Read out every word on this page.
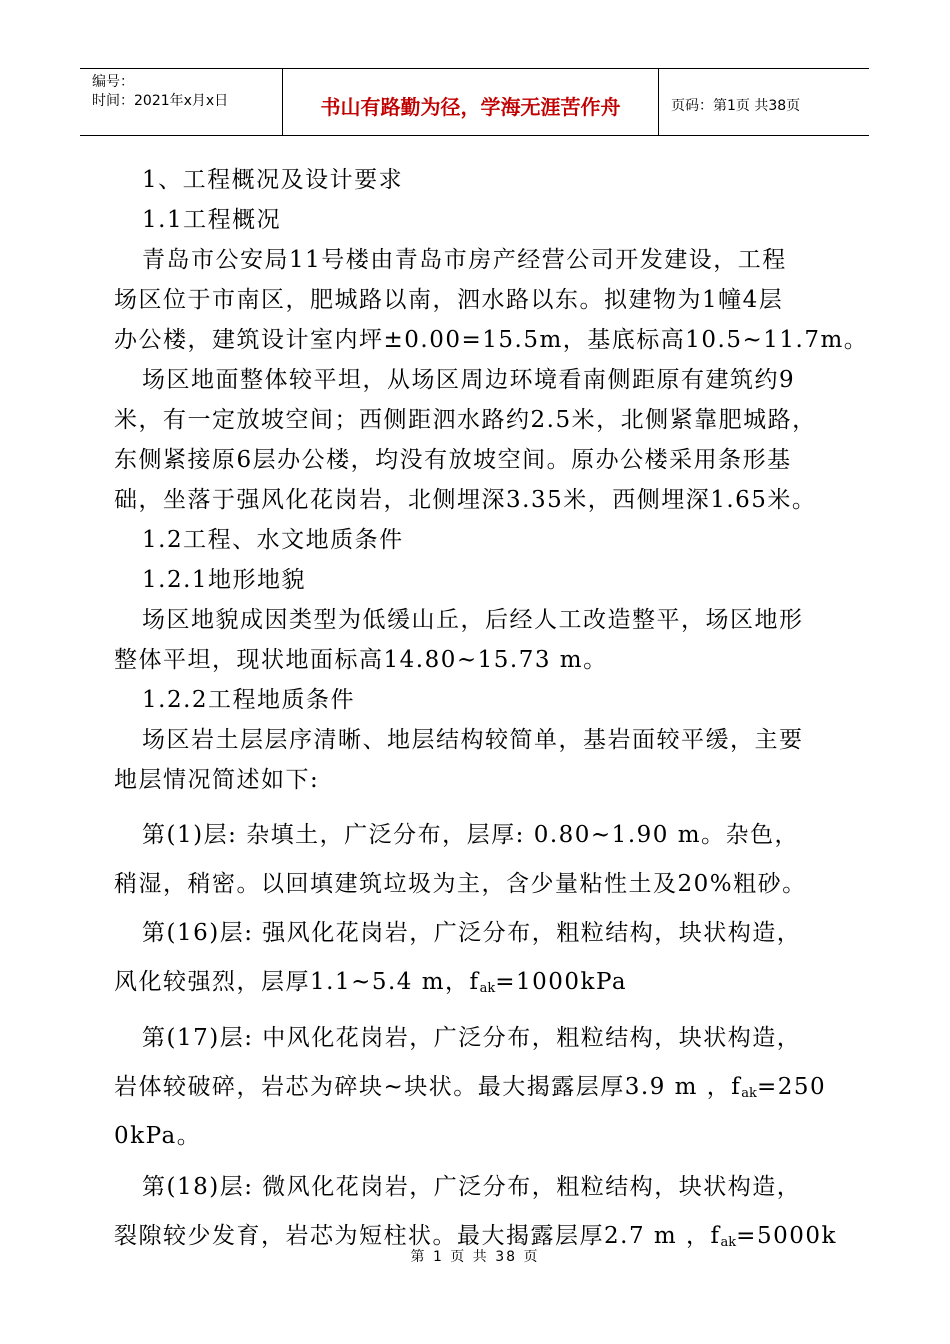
编号：
时间：2021年x月x日	书山有路勤为径，学海无涯苦作舟	页码：第1页 共38页

1、工程概况及设计要求

1.1工程概况

青岛市公安局11号楼由青岛市房产经营公司开发建设，工程

场区位于市南区，肥城路以南，泗水路以东。拟建物为1幢4层

办公楼，建筑设计室内坪±0.00=15.5m，基底标高10.5~11.7m。

场区地面整体较平坦，从场区周边环境看南侧距原有建筑约9

米，有一定放坡空间；西侧距泗水路约2.5米，北侧紧靠肥城路，

东侧紧接原6层办公楼，均没有放坡空间。原办公楼采用条形基

础，坐落于强风化花岗岩，北侧埋深3.35米，西侧埋深1.65米。

1.2工程、水文地质条件

1.2.1地形地貌

场区地貌成因类型为低缓山丘，后经人工改造整平，场区地形

整体平坦，现状地面标高14.80~15.73 m。

1.2.2工程地质条件

场区岩土层层序清晰、地层结构较简单，基岩面较平缓，主要

地层情况简述如下:

第(1)层: 杂填土，广泛分布，层厚: 0.80~1.90 m。杂色，

稍湿，稍密。以回填建筑垃圾为主，含少量粘性土及20%粗砂。

第(16)层: 强风化花岗岩，广泛分布，粗粒结构，块状构造，

风化较强烈，层厚1.1~5.4 m，$f_{ak}=1000kPa$

第(17)层: 中风化花岗岩，广泛分布，粗粒结构，块状构造，

岩体较破碎，岩芯为碎块~块状。最大揭露层厚3.9 m ，$f_{ak}=250$

0kPa。

第(18)层: 微风化花岗岩，广泛分布，粗粒结构，块状构造，

裂隙较少发育，岩芯为短柱状。最大揭露层厚2.7 m ，$f_{ak}=5000k$

第 1 页 共 38 页
